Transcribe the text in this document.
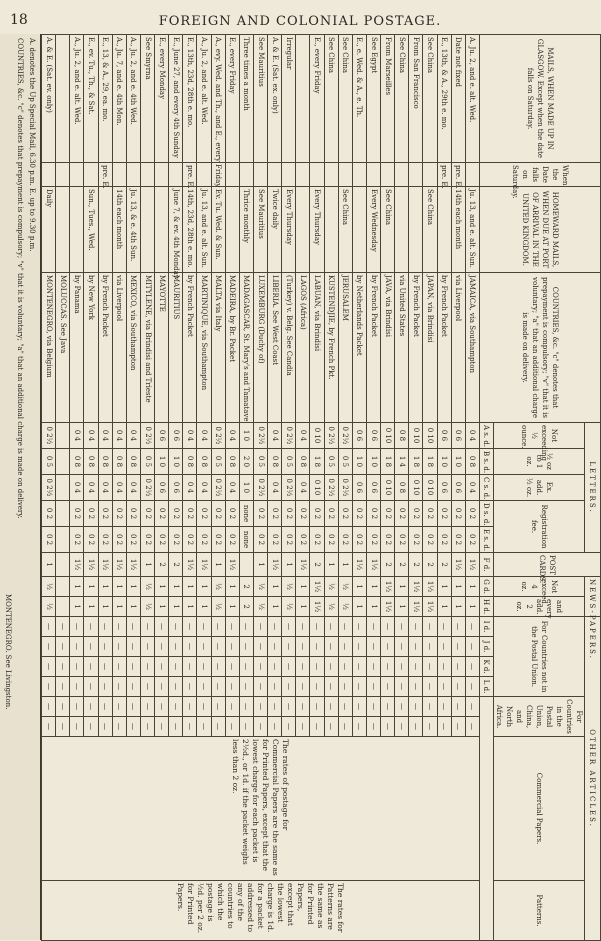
18	FOREIGN AND COLONIAL POSTAGE.
A. denotes the Up Special Mail, 6.30 p.m. E. up to 9.30 p.m.
COUNTRIES, &c. "c" denotes that prepayment is compulsory; "v" that it is voluntary; "a" that an additional charge is made on delivery.
MONTENEGRO. See Livingston.
MAILS, WHEN MADE UP IN GLASGOW. Except when the date falls on Saturday.	When the Date falls on Saturday.	HOMEWARD MAILS, WHEN DUE AT PORT OF ARRIVAL IN THE UNITED KINGDOM.	COUNTRIES, &c. "c" denotes that prepayment is compulsory; "v" that it is voluntary; "a" that an additional charge is made on delivery.	LETTERS.					POST CARDS.	NEWS-PAPERS.		OTHER ARTICLES.							
				Not exceeding ½ ounce.	½ oz to 1 oz.	Ex. add. ½ oz.	Registration fee.			Not exceed. 4 oz.	and every add. 2 oz.	For Countries not in the Postal Union.				For Countries in the Postal Union, China, and North Africa.		Commercial Papers.	Patterns.
				A s. d.	B s. d.	C s. d.	D s. d.	E s. d.	F d.	G d.	H d.	I d.	J d.	K d.	L d.				
A. Ju. 2, and e. alt. Wed.		Ju. 13, and e. alt. Sun.	JAMAICA, via Southampton	0 4	0 8	0 4	0 2	0 2	1½	1	1	—	—	—	—	—	—	The rates of postage for Commercial Papers are the same as for Printed Papers, except that the lowest charge for each packet is 2½d., or 1d. if the packet weighs less than 2 oz.	The rates for Patterns are the same as for Printed Papers, except that the lowest charge is 1d. for a packet addressed to any of the countries to which the postage is ½d. per 2 oz. for Printed Papers.
Date not fixed	pre. E.	14th each month	via Liverpool	0 6	1 0	0 6	0 2	0 2	1½	1	1	—	—	—	—	—	—		
E., 13th, & A., 29th e. mo.	pre. E.		by French Packet	0 6	1 0	0 6	0 2	0 2	2	1	1	—	—	—	—	—	—		
See China		See China	JAPAN, via Brindisi	0 10	1 8	0 10	0 2	0 2	2	1½	1½	—	—	—	—	—	—		
From San Francisco			by French Packet	0 10	1 8	0 10	0 2	0 2	2	1½	1½	—	—	—	—	—	—		
See China			via United States	0 8	1 4	0 8	0 2	0 2	2	1	1	—	—	—	—	—	—		
From Marseilles		See China	JAVA, via Brindisi	0 10	1 8	0 10	0 2	0 2	2	1½	1½	—	—	—	—	—	—		
See Egypt		Every Wednesday	by French Packet	0 6	1 0	0 6	0 2	0 2	1½	1	1	—	—	—	—	—	—		
E., e. Wed. & A., e. Th.			by Netherlands Packet	0 6	1 0	0 6	0 2	0 2	1½	1	1	—	—	—	—	—	—		
See China		See China	JERUSALEM	0 2½	0 5	0 2½	0 2	0 2	1	½	½	—	—	—	—	—	—		
See China			KUSTENDJIE, by French Pkt.	0 2½	0 5	0 2½	0 2	0 2	1	½	½	—	—	—	—	—	—		
E., every Friday		Every Thursday	LABUAN, via Brindisi	0 10	1 8	0 10	0 2	0 2	2	1½	1½	—	—	—	—	—	—		
			LAGOS (Africa)	0 4	0 8	0 4	0 2	0 2	1½	1	1	—	—	—	—	—	—		
Irregular		Every Thursday	(Turkey) v. Belg. See Candia	0 2½	0 5	0 2½	0 2	0 2	1	½	½	—	—	—	—	—	—		
A. & E. (Sat. ex. only)		Twice daily	LIBERIA. See West Coast	0 4	0 8	0 4	0 2	0 2	1½	1	1	—	—	—	—	—	—		
See Mauritius		See Mauritius	LUXEMBURG (Duchy of)	0 2½	0 5	0 2½	0 2	0 2	1	½	½	—	—	—	—	—	—		
Three times a month		Thrice monthly	MADAGASCAR, St. Mary's and Tamatave	1 0	2 0	1 0	none	none		2	2	—	—	—	—	—	—		
E., every Friday			MADEIRA, by Br. Packet	0 4	0 8	0 4	0 2	0 2	1½	1	1	—	—	—	—	—	—		
A., evy. Wed. and Th., and E., every Friday		Ev. Tu. Wed. & Sun.	MALTA via Italy	0 2½	0 5	0 2½	0 2	0 2	1	½	½	—	—	—	—	—	—		
A., Ju. 2, and e. alt. Wed.		Ju. 13, and e. alt. Sun.	MARTINIQUE, via Southampton	0 4	0 8	0 4	0 2	0 2	1½	1	1	—	—	—	—	—	—		
E., 13th, 23d, 28th e. mo.	pre. E.	14th, 23d, 28th e. mo.	by French Packet	0 4	0 8	0 4	0 2	0 2	1½	1	1	—	—	—	—	—	—		
E., June 27, and every 4th Sunday		June 7, & ev. 4th Monday	MAURITIUS	0 6	1 0	0 6	0 2	0 2	2	1	1	—	—	—	—	—	—		
E., every Monday			MAYOTTE	0 6	1 0	0 6	0 2	0 2	2	1	1	—	—	—	—	—	—		
See Smyrna			MITYLENE, via Brindisi and Trieste	0 2½	0 5	0 2½	0 2	0 2	1	½	½	—	—	—	—	—	—		
A., Ju. 2, and e. 4th Wed.		Ju. 13, & e. 4th Sun.	MEXICO, via Southampton	0 4	0 8	0 4	0 2	0 2	1½	1	1	—	—	—	—	—	—		
A., Ju. 7, and e. 4th Mon.		14th each month	via Liverpool	0 4	0 8	0 4	0 2	0 2	1½	1	1	—	—	—	—	—	—		
E., 13, & A., 29, ea. mo.	pre. E.		by French Packet	0 4	0 8	0 4	0 2	0 2	1½	1	1	—	—	—	—	—	—		
E., ev. Tu., Th., & Sat.		Sun., Tues., Wed.	by New York	0 4	0 8	0 4	0 2	0 2	1½	1	1	—	—	—	—	—	—		
A., Ju. 2, and e. alt. Wed.			by Panama	0 4	0 8	0 4	0 2	0 2	1½	1	1	—	—	—	—	—	—		
			MOLUCCAS. See Java									—	—	—	—	—	—		
A. & E. (Sat. ev. only)		Daily	MONTENEGRO, via Belgium	0 2½	0 5	0 2½	0 2	0 2	1	½	½	—	—	—	—	—	—		
